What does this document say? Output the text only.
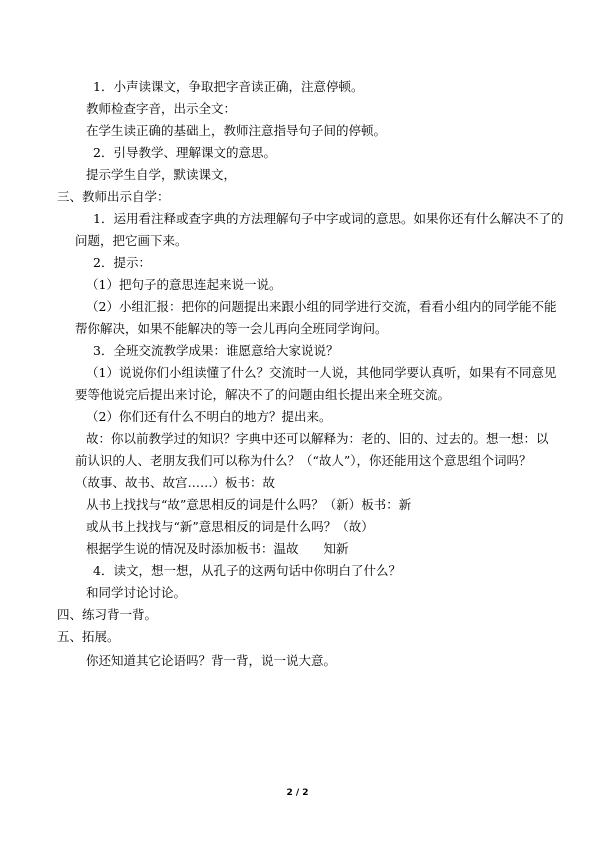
1．小声读课文，争取把字音读正确，注意停顿。
教师检查字音，出示全文：
在学生读正确的基础上，教师注意指导句子间的停顿。
2．引导教学、理解课文的意思。
提示学生自学，默读课文，
三、教师出示自学：
1．运用看注释或查字典的方法理解句子中字或词的意思。如果你还有什么解决不了的
问题，把它画下来。
2．提示：
（1）把句子的意思连起来说一说。
（2）小组汇报：把你的问题提出来跟小组的同学进行交流，看看小组内的同学能不能
帮你解决，如果不能解决的等一会儿再向全班同学询问。
3．全班交流教学成果：谁愿意给大家说说？
（1）说说你们小组读懂了什么？交流时一人说，其他同学要认真听，如果有不同意见
要等他说完后提出来讨论，解决不了的问题由组长提出来全班交流。
（2）你们还有什么不明白的地方？提出来。
故：你以前教学过的知识？字典中还可以解释为：老的、旧的、过去的。想一想：以
前认识的人、老朋友我们可以称为什么？（“故人”），你还能用这个意思组个词吗？
（故事、故书、故宫……）板书：故
从书上找找与“故”意思相反的词是什么吗？（新）板书：新
或从书上找找与“新”意思相反的词是什么吗？（故）
根据学生说的情况及时添加板书：温故　　知新
4．读文，想一想，从孔子的这两句话中你明白了什么？
和同学讨论讨论。
四、练习背一背。
五、拓展。
你还知道其它论语吗？背一背，说一说大意。
2 / 2
